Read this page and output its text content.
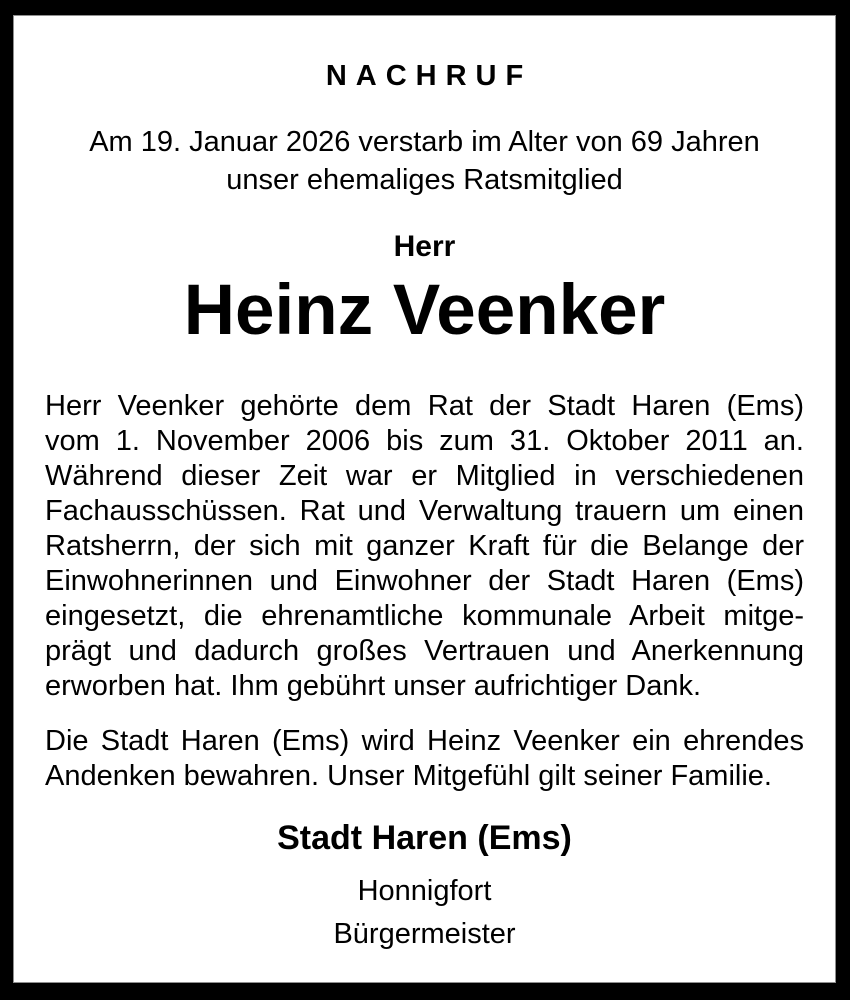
NACHRUF
Am 19. Januar 2026 verstarb im Alter von 69 Jahren
unser ehemaliges Ratsmitglied
Herr
Heinz Veenker
Herr Veenker gehörte dem Rat der Stadt Haren (Ems)
vom 1. November 2006 bis zum 31. Oktober 2011 an.
Während dieser Zeit war er Mitglied in verschiedenen
Fachausschüssen. Rat und Verwaltung trauern um einen
Ratsherrn, der sich mit ganzer Kraft für die Belange der
Einwohnerinnen und Einwohner der Stadt Haren (Ems)
eingesetzt, die ehrenamtliche kommunale Arbeit mitge-
prägt und dadurch großes Vertrauen und Anerkennung
erworben hat. Ihm gebührt unser aufrichtiger Dank.
Die Stadt Haren (Ems) wird Heinz Veenker ein ehrendes
Andenken bewahren. Unser Mitgefühl gilt seiner Familie.
Stadt Haren (Ems)
Honnigfort
Bürgermeister
